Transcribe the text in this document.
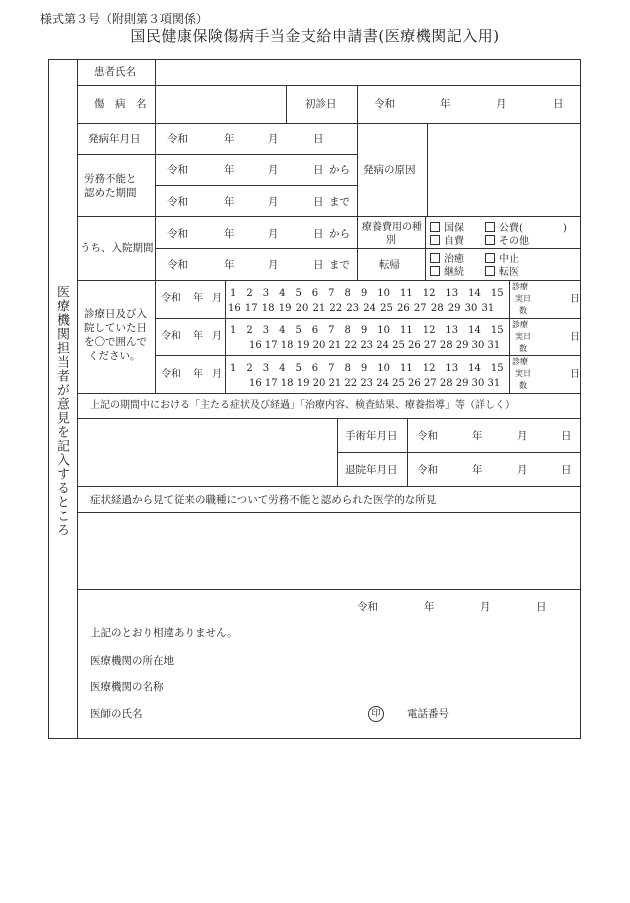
様式第３号（附則第３項関係）
国民健康保険傷病手当金支給申請書(医療機関記入用)
医療機関担当者が意見を記入するところ
患者氏名
傷　病　名	初診日	令和	年	月	日
発病年月日	令和	年	月	日
発病の原因
労務不能と
認めた期間
令和	年	月	日 から
令和	年	月	日 まで
うち、入院期間
令和	年	月	日 から
令和	年	月	日 まで
療養費用の種
別
国保	公費(　　　　)
自費	その他
転帰	治癒	中止
継続	転医
診療日及び入
院していた日
を〇で囲んで
ください。
令和 年 月 1　2　3　4　5　6　7　8　9　10　11　12　13　14　15
16 17 18 19 20 21 22 23 24 25 26 27 28 29 30 31
診療
実日
数
日
令和 年 月
1　2　3　4　5　6　7　8　9　10　11　12　13　14　15
16 17 18 19 20 21 22 23 24 25 26 27 28 29 30 31
診療
実日
数
日
令和 年 月
1　2　3　4　5　6　7　8　9　10　11　12　13　14　15
16 17 18 19 20 21 22 23 24 25 26 27 28 29 30 31
診療
実日
数
日
上記の期間中における「主たる症状及び経過」「治療内容、検査結果、療養指導」等（詳しく）
手術年月日 令和	年	月	日
退院年月日 令和	年	月	日
症状経過から見て従来の職種について労務不能と認められた医学的な所見
令和	年	月	日
上記のとおり相違ありません。
医療機関の所在地
医療機関の名称
医師の氏名	印	電話番号
